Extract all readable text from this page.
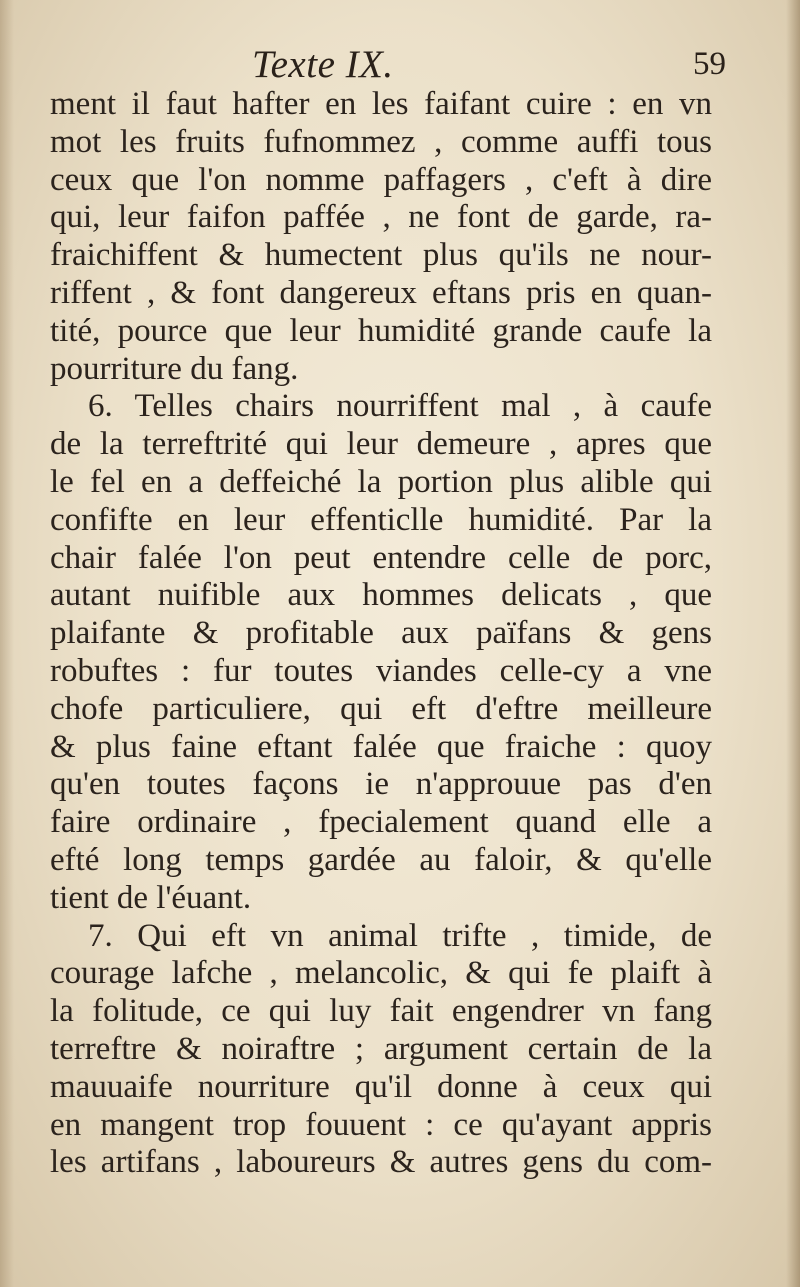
Texte IX.	59
ment il faut hafter en les faifant cuire : en vn
mot les fruits fufnommez , comme auffi tous
ceux que l'on nomme paffagers , c'eft à dire
qui, leur faifon paffée , ne font de garde, ra-
fraichiffent & humectent plus qu'ils ne nour-
riffent , & font dangereux eftans pris en quan-
tité, pource que leur humidité grande caufe la
pourriture du fang.
6. Telles chairs nourriffent mal , à caufe
de la terreftrité qui leur demeure , apres que
le fel en a deffeiché la portion plus alible qui
confifte en leur effenticlle humidité. Par la
chair falée l'on peut entendre celle de porc,
autant nuifible aux hommes delicats , que
plaifante & profitable aux païfans & gens
robuftes : fur toutes viandes celle-cy a vne
chofe particuliere, qui eft d'eftre meilleure
& plus faine eftant falée que fraiche : quoy
qu'en toutes façons ie n'approuue pas d'en
faire ordinaire , fpecialement quand elle a
efté long temps gardée au faloir, & qu'elle
tient de l'éuant.
7. Qui eft vn animal trifte , timide, de
courage lafche , melancolic, & qui fe plaift à
la folitude, ce qui luy fait engendrer vn fang
terreftre & noiraftre ; argument certain de la
mauuaife nourriture qu'il donne à ceux qui
en mangent trop fouuent : ce qu'ayant appris
les artifans , laboureurs & autres gens du com-
